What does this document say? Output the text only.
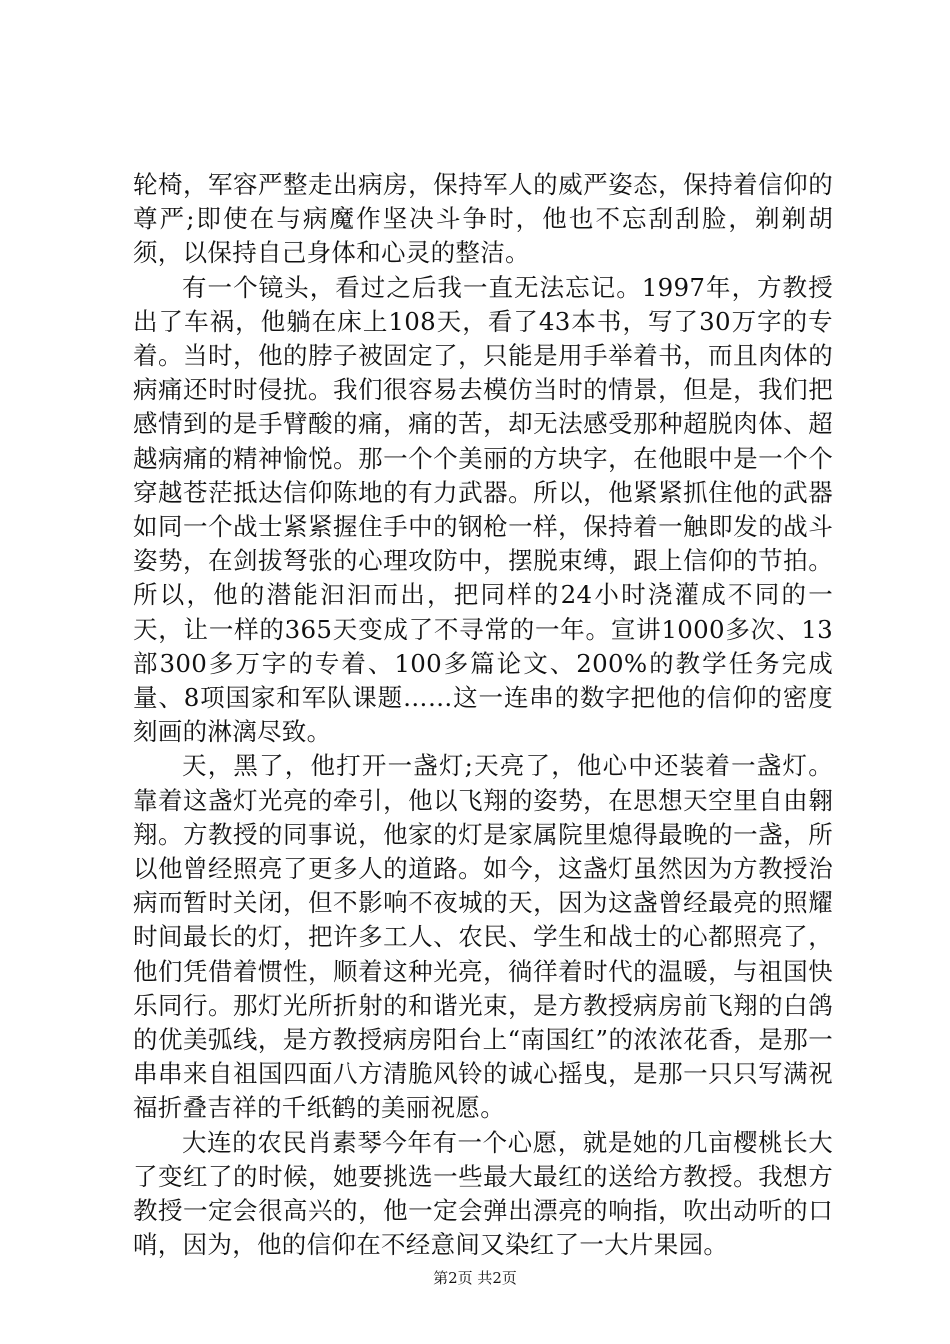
轮椅，军容严整走出病房，保持军人的威严姿态，保持着信仰的尊严;即使在与病魔作坚决斗争时，他也不忘刮刮脸，剃剃胡须，以保持自己身体和心灵的整洁。

有一个镜头，看过之后我一直无法忘记。1997年，方教授出了车祸，他躺在床上108天，看了43本书，写了30万字的专着。当时，他的脖子被固定了，只能是用手举着书，而且肉体的病痛还时时侵扰。我们很容易去模仿当时的情景，但是，我们把感情到的是手臂酸的痛，痛的苦，却无法感受那种超脱肉体、超越病痛的精神愉悦。那一个个美丽的方块字，在他眼中是一个个穿越苍茫抵达信仰陈地的有力武器。所以，他紧紧抓住他的武器如同一个战士紧紧握住手中的钢枪一样，保持着一触即发的战斗姿势，在剑拔弩张的心理攻防中，摆脱束缚，跟上信仰的节拍。所以，他的潜能汩汩而出，把同样的24小时浇灌成不同的一天，让一样的365天变成了不寻常的一年。宣讲1000多次、13部300多万字的专着、100多篇论文、200%的教学任务完成量、8项国家和军队课题……这一连串的数字把他的信仰的密度刻画的淋漓尽致。

天，黑了，他打开一盏灯;天亮了，他心中还装着一盏灯。靠着这盏灯光亮的牵引，他以飞翔的姿势，在思想天空里自由翱翔。方教授的同事说，他家的灯是家属院里熄得最晚的一盏，所以他曾经照亮了更多人的道路。如今，这盏灯虽然因为方教授治病而暂时关闭，但不影响不夜城的天，因为这盏曾经最亮的照耀时间最长的灯，把许多工人、农民、学生和战士的心都照亮了，他们凭借着惯性，顺着这种光亮，徜徉着时代的温暖，与祖国快乐同行。那灯光所折射的和谐光束，是方教授病房前飞翔的白鸽的优美弧线，是方教授病房阳台上“南国红”的浓浓花香，是那一串串来自祖国四面八方清脆风铃的诚心摇曳，是那一只只写满祝福折叠吉祥的千纸鹤的美丽祝愿。

大连的农民肖素琴今年有一个心愿，就是她的几亩樱桃长大了变红了的时候，她要挑选一些最大最红的送给方教授。我想方教授一定会很高兴的，他一定会弹出漂亮的响指，吹出动听的口哨，因为，他的信仰在不经意间又染红了一大片果园。

第2页 共2页
